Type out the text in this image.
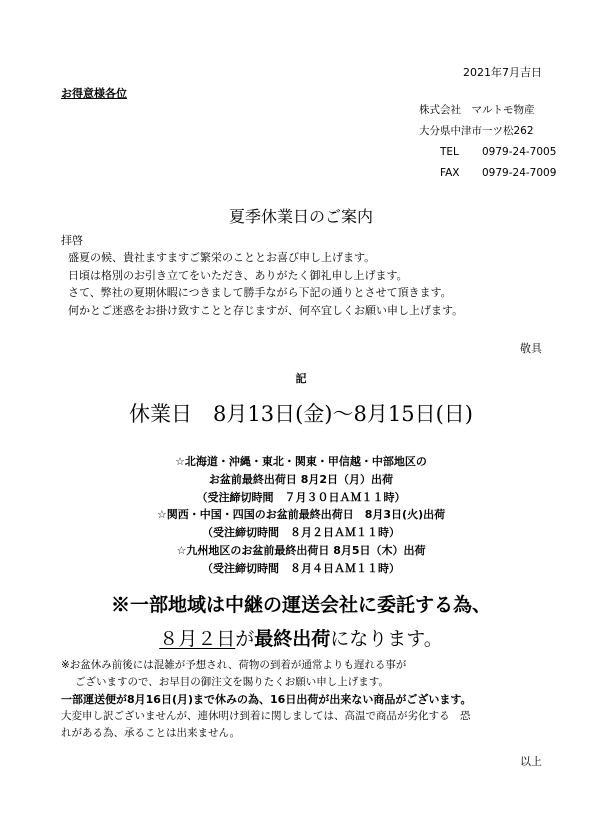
2021年7月吉日
お得意様各位
株式会社　マルトモ物産
大分県中津市一ツ松262
TEL 0979-24-7005
FAX 0979-24-7009
夏季休業日のご案内
拝啓
盛夏の候、貴社ますますご繁栄のこととお喜び申し上げます。
日頃は格別のお引き立てをいただき、ありがたく御礼申し上げます。
さて、弊社の夏期休暇につきまして勝手ながら下記の通りとさせて頂きます。
何かとご迷惑をお掛け致すことと存じますが、何卒宜しくお願い申し上げます。
敬具
記
休業日　8月13日(金)～8月15日(日)
☆北海道・沖縄・東北・関東・甲信越・中部地区の
お盆前最終出荷日 8月2日（月）出荷
（受注締切時間　７月３０日ＡＭ１１時）
☆関西・中国・四国のお盆前最終出荷日　8月3日(火)出荷
（受注締切時間　８月２日ＡＭ１１時）
☆九州地区のお盆前最終出荷日 8月5日（木）出荷
（受注締切時間　８月４日ＡＭ１１時）
※一部地域は中継の運送会社に委託する為、
８月２日が最終出荷になります。
※お盆休み前後には混雑が予想され、荷物の到着が通常よりも遅れる事が
ございますので、お早目の御注文を賜りたくお願い申し上げます。
一部運送便が8月16日(月)まで休みの為、16日出荷が出来ない商品がございます。
大変申し訳ございませんが、連休明け到着に関しましては、高温で商品が劣化する　恐
れがある為、承ることは出来ません。
以上
